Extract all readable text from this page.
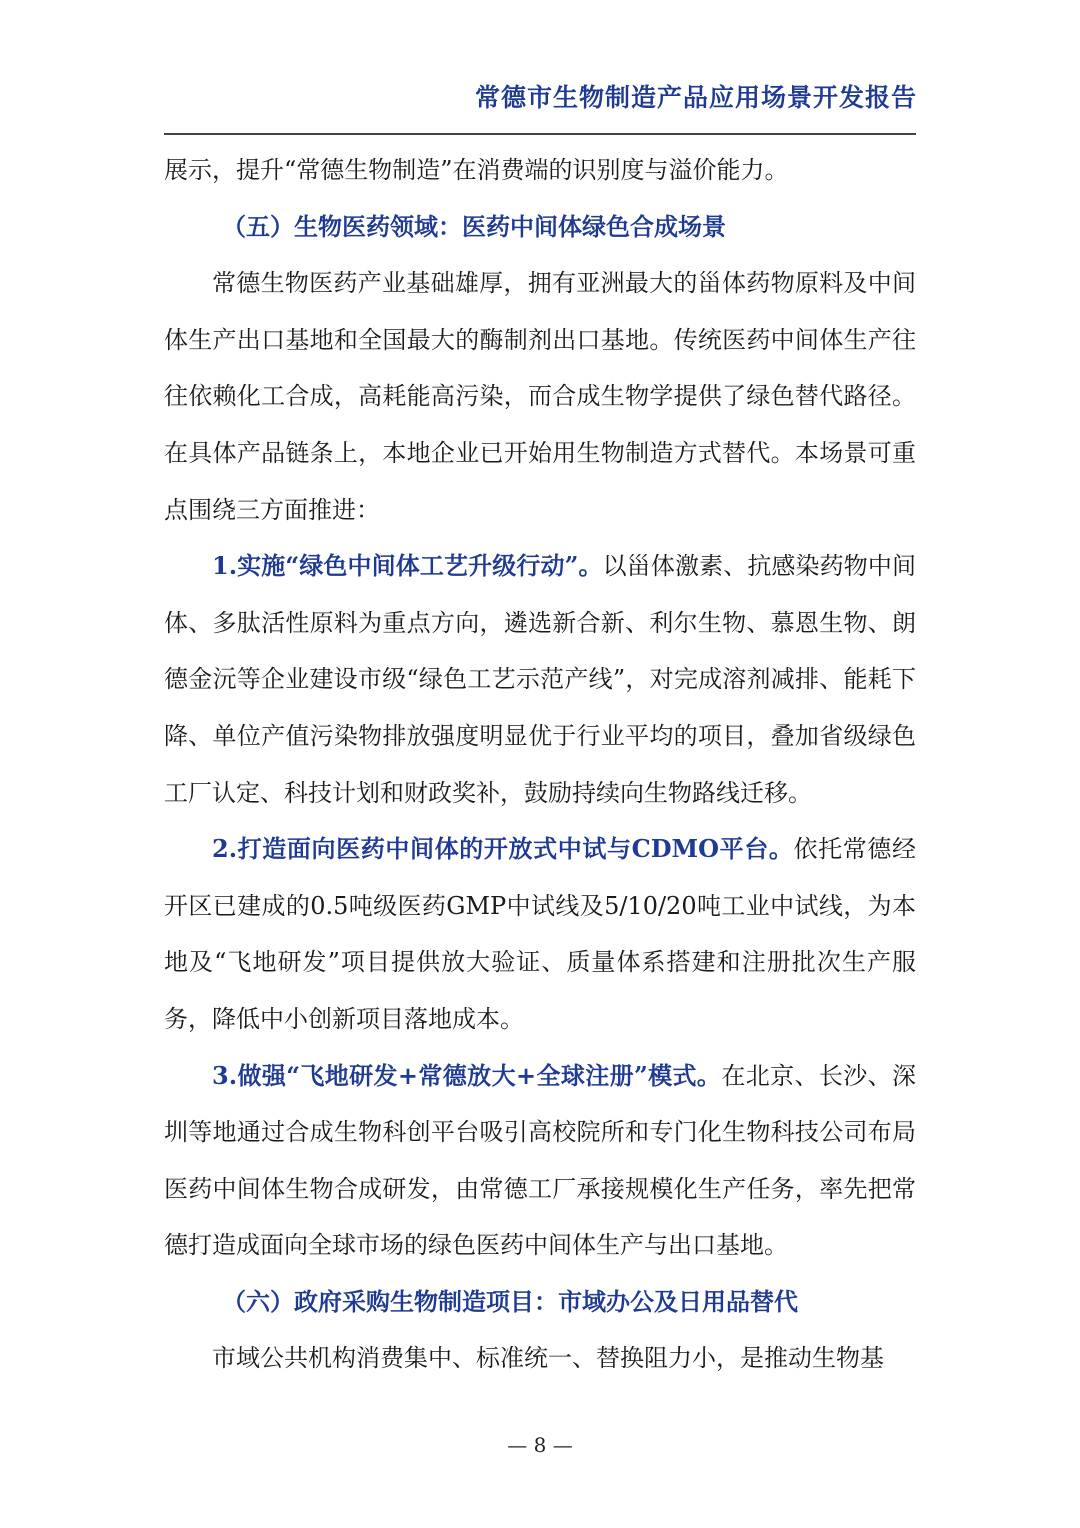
常德市生物制造产品应用场景开发报告

展示，提升“常德生物制造”在消费端的识别度与溢价能力。

（五）生物医药领域：医药中间体绿色合成场景

常德生物医药产业基础雄厚，拥有亚洲最大的甾体药物原料及中间体生产出口基地和全国最大的酶制剂出口基地。传统医药中间体生产往往依赖化工合成，高耗能高污染，而合成生物学提供了绿色替代路径。在具体产品链条上，本地企业已开始用生物制造方式替代。本场景可重点围绕三方面推进：

1.实施“绿色中间体工艺升级行动”。以甾体激素、抗感染药物中间体、多肽活性原料为重点方向，遴选新合新、利尔生物、慕恩生物、朗德金沅等企业建设市级“绿色工艺示范产线”，对完成溶剂减排、能耗下降、单位产值污染物排放强度明显优于行业平均的项目，叠加省级绿色工厂认定、科技计划和财政奖补，鼓励持续向生物路线迁移。

2.打造面向医药中间体的开放式中试与CDMO平台。依托常德经开区已建成的0.5吨级医药GMP中试线及5/10/20吨工业中试线，为本地及“飞地研发”项目提供放大验证、质量体系搭建和注册批次生产服务，降低中小创新项目落地成本。

3.做强“飞地研发+常德放大+全球注册”模式。在北京、长沙、深圳等地通过合成生物科创平台吸引高校院所和专门化生物科技公司布局医药中间体生物合成研发，由常德工厂承接规模化生产任务，率先把常德打造成面向全球市场的绿色医药中间体生产与出口基地。

（六）政府采购生物制造项目：市域办公及日用品替代

市域公共机构消费集中、标准统一、替换阻力小，是推动生物基

— 8 —
